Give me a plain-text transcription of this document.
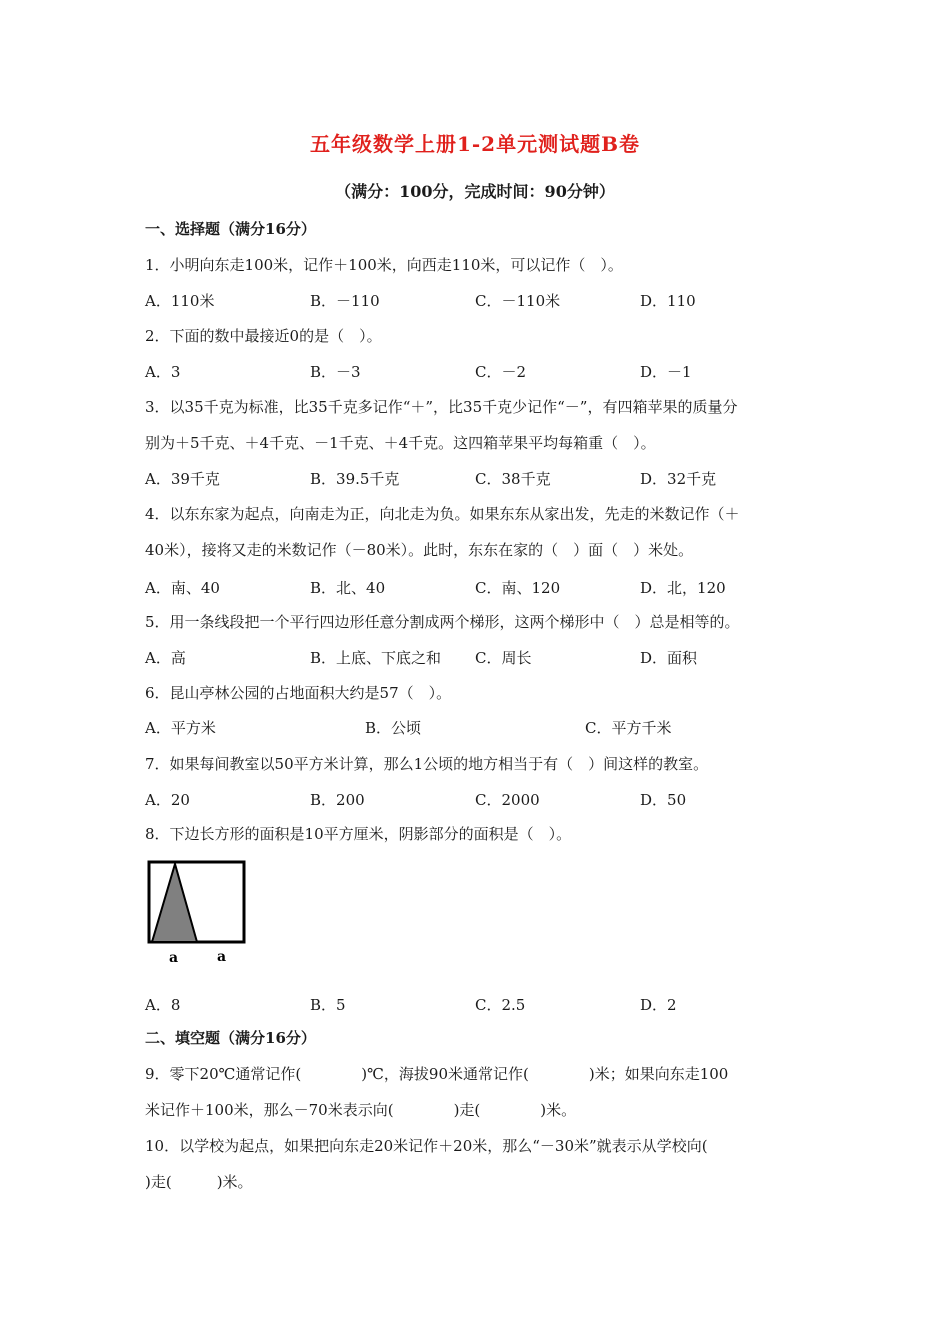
五年级数学上册1-2单元测试题B卷
（满分：100分，完成时间：90分钟）
一、选择题（满分16分）
1．小明向东走100米，记作＋100米，向西走110米，可以记作（　）。
A．110米	B．－110	C．－110米	D．110
2．下面的数中最接近0的是（　）。
A．3	B．－3	C．－2	D．－1
3．以35千克为标准，比35千克多记作“＋”，比35千克少记作“－”，有四箱苹果的质量分
别为＋5千克、＋4千克、－1千克、＋4千克。这四箱苹果平均每箱重（　）。
A．39千克	B．39.5千克	C．38千克	D．32千克
4．以东东家为起点，向南走为正，向北走为负。如果东东从家出发，先走的米数记作（＋
40米），接将又走的米数记作（－80米）。此时，东东在家的（　）面（　）米处。
A．南、40	B．北、40	C．南、120	D．北，120
5．用一条线段把一个平行四边形任意分割成两个梯形，这两个梯形中（　）总是相等的。
A．高	B．上底、下底之和 C．周长	D．面积
6．昆山亭林公园的占地面积大约是57（　）。
A．平方米	B．公顷	C．平方千米
7．如果每间教室以50平方米计算，那么1公顷的地方相当于有（　）间这样的教室。
A．20	B．200	C．2000	D．50
8．下边长方形的面积是10平方厘米，阴影部分的面积是（　）。
a	a
A．8	B．5	C．2.5	D．2
二、填空题（满分16分）
9．零下20℃通常记作(　　　　)℃，海拔90米通常记作(　　　　)米；如果向东走100
米记作＋100米，那么－70米表示向(　　　　)走(　　　　)米。
10．以学校为起点，如果把向东走20米记作＋20米，那么“－30米”就表示从学校向(
)走(　　　)米。
